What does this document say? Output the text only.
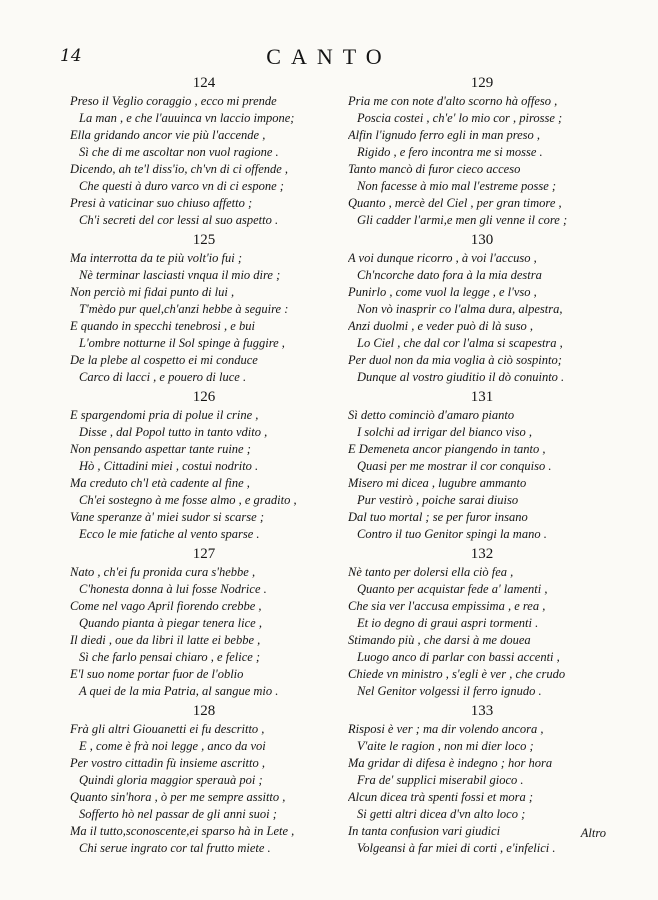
14	CANTO
124
Preso il Veglio coraggio , ecco mi prende
La man , e che l'auuinca vn laccio impone;
Ella gridando ancor vie più l'accende ,
Sì che di me ascoltar non vuol ragione .
Dicendo, ah te'l diss'io, ch'vn di ci offende ,
Che questi à duro varco vn di ci espone ;
Presi à vaticinar suo chiuso affetto ;
Ch'i secreti del cor lessi al suo aspetto .
125
Ma interrotta da te più volt'io fui ;
Nè terminar lasciasti vnqua il mio dire ;
Non perciò mi fidai punto di lui ,
T'mèdo pur quel,ch'anzi hebbe à seguire :
E quando in specchi tenebrosi , e bui
L'ombre notturne il Sol spinge à fuggire ,
De la plebe al cospetto ei mi conduce
Carco di lacci , e pouero di luce .
126
E spargendomi pria di polue il crine ,
Disse , dal Popol tutto in tanto vdito ,
Non pensando aspettar tante ruine ;
Hò , Cittadini miei , costui nodrito .
Ma creduto ch'l età cadente al fine ,
Ch'ei sostegno à me fosse almo , e gradito ,
Vane speranze à' miei sudor si scarse ;
Ecco le mie fatiche al vento sparse .
127
Nato , ch'ei fu pronida cura s'hebbe ,
C'honesta donna à lui fosse Nodrice .
Come nel vago April fiorendo crebbe ,
Quando pianta à piegar tenera lice ,
Il diedi , oue da libri il latte ei bebbe ,
Sì che farlo pensai chiaro , e felice ;
E'l suo nome portar fuor de l'oblio
A quei de la mia Patria, al sangue mio .
128
Frà gli altri Giouanetti ei fu descritto ,
E , come è frà noi legge , anco da voi
Per vostro cittadin fù insieme ascritto ,
Quindi gloria maggior sperauà poi ;
Quanto sin'hora , ò per me sempre assitto ,
Sofferto hò nel passar de gli anni suoi ;
Ma il tutto,sconoscente,ei sparso hà in Lete ,
Chi serue ingrato cor tal frutto miete .
129
Pria me con note d'alto scorno hà offeso ,
Poscia costei , ch'e' lo mio cor , pirosse ;
Alfin l'ignudo ferro egli in man preso ,
Rigido , e fero incontra me si mosse .
Tanto mancò di furor cieco acceso
Non facesse à mio mal l'estreme posse ;
Quanto , mercè del Ciel , per gran timore ,
Gli cadder l'armi,e men gli venne il core ;
130
A voi dunque ricorro , à voi l'accuso ,
Ch'ncorche dato fora à la mia destra
Punirlo , come vuol la legge , e l'vso ,
Non vò inasprir co l'alma dura, alpestra,
Anzi duolmi , e veder può di là suso ,
Lo Ciel , che dal cor l'alma si scapestra ,
Per duol non da mia voglia à ciò sospinto;
Dunque al vostro giuditio il dò conuinto .
131
Sì detto cominciò d'amaro pianto
I solchi ad irrigar del bianco viso ,
E Demeneta ancor piangendo in tanto ,
Quasi per me mostrar il cor conquiso .
Misero mi dicea , lugubre ammanto
Pur vestirò , poiche sarai diuiso
Dal tuo mortal ; se per furor insano
Contro il tuo Genitor spingi la mano .
132
Nè tanto per dolersi ella ciò fea ,
Quanto per acquistar fede a' lamenti ,
Che sia ver l'accusa empissima , e rea ,
Et io degno di graui aspri tormenti .
Stimando più , che darsi à me douea
Luogo anco di parlar con bassi accenti ,
Chiede vn ministro , s'egli è ver , che crudo
Nel Genitor volgessi il ferro ignudo .
133
Risposi è ver ; ma dir volendo ancora ,
V'aite le ragion , non mi dier loco ;
Ma gridar di difesa è indegno ; hor hora
Fra de' supplici miserabil gioco .
Alcun dicea trà spenti fossi et mora ;
Si getti altri dicea d'vn alto loco ;
In tanta confusion vari giudici
Volgeansi à far miei di corti , e'infelici .
Altro
